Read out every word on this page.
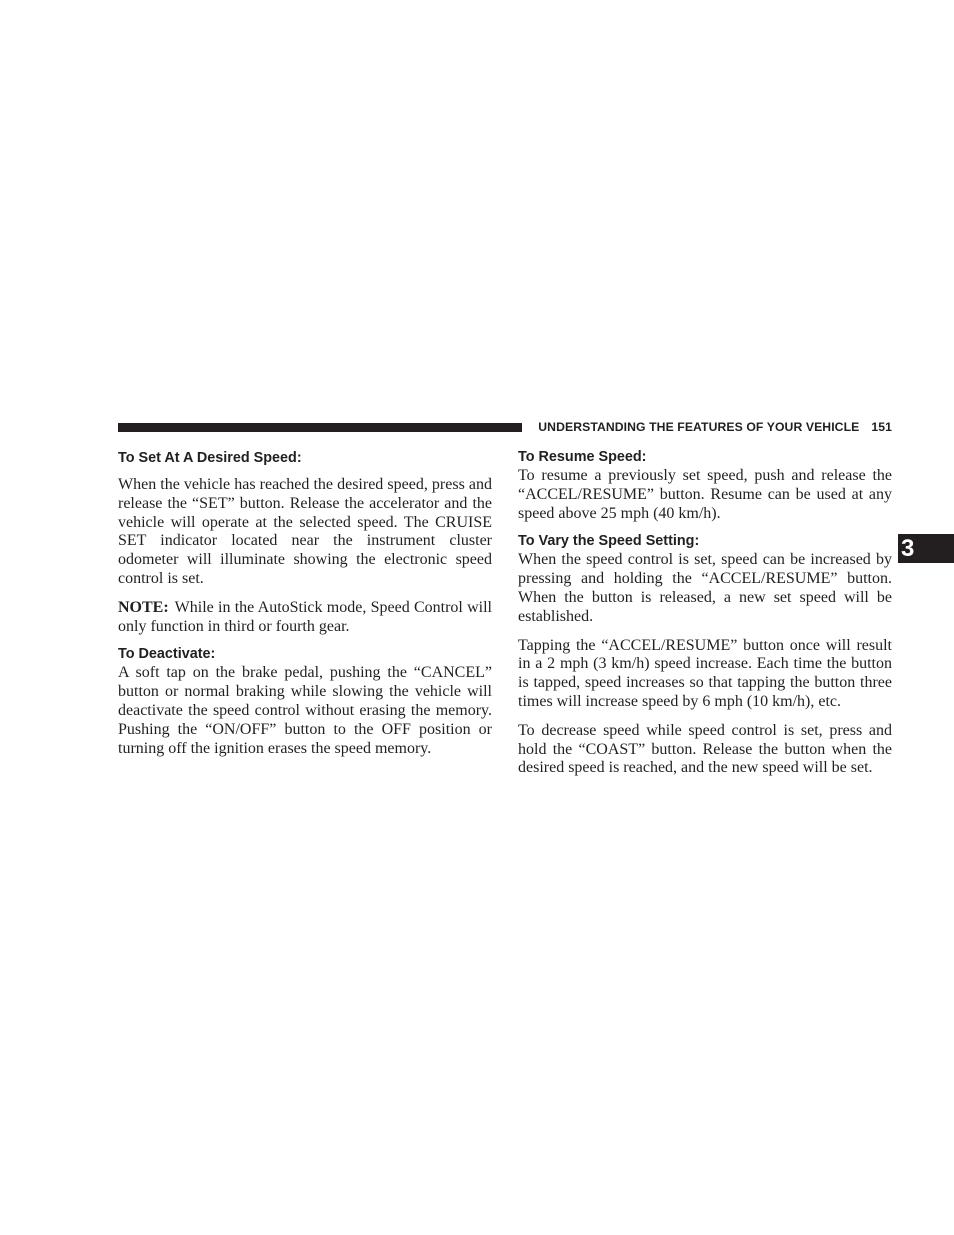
UNDERSTANDING THE FEATURES OF YOUR VEHICLE 151
3
To Set At A Desired Speed:

When the vehicle has reached the desired speed, press and release the “SET” button. Release the accelerator and the vehicle will operate at the selected speed. The CRUISE SET indicator located near the instrument cluster odometer will illuminate showing the electronic speed control is set.

NOTE: While in the AutoStick mode, Speed Control will only function in third or fourth gear.

To Deactivate:

A soft tap on the brake pedal, pushing the “CANCEL” button or normal braking while slowing the vehicle will deactivate the speed control without erasing the memory. Pushing the “ON/OFF” button to the OFF position or turning off the ignition erases the speed memory.

To Resume Speed:

To resume a previously set speed, push and release the “ACCEL/RESUME” button. Resume can be used at any speed above 25 mph (40 km/h).

To Vary the Speed Setting:

When the speed control is set, speed can be increased by pressing and holding the “ACCEL/RESUME” button. When the button is released, a new set speed will be established.

Tapping the “ACCEL/RESUME” button once will result in a 2 mph (3 km/h) speed increase. Each time the button is tapped, speed increases so that tapping the button three times will increase speed by 6 mph (10 km/h), etc.

To decrease speed while speed control is set, press and hold the “COAST” button. Release the button when the desired speed is reached, and the new speed will be set.
